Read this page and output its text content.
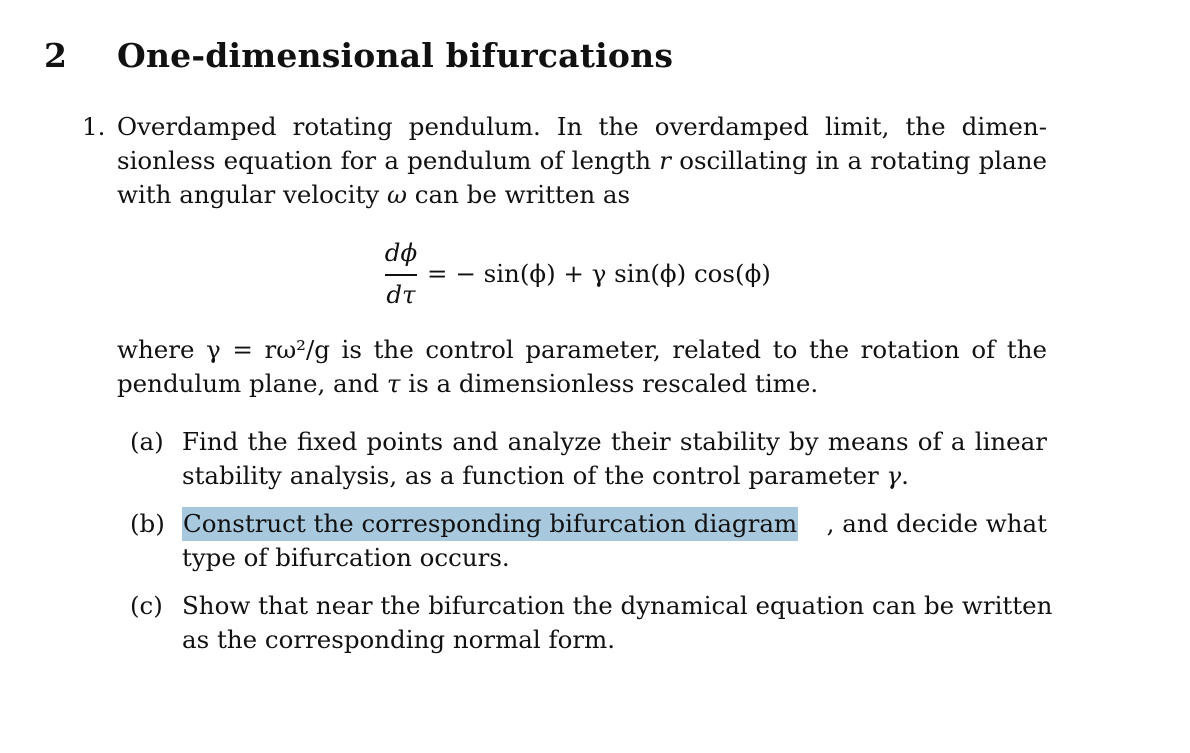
2 One-dimensional bifurcations
1. Overdamped rotating pendulum. In the overdamped limit, the dimen-
sionless equation for a pendulum of length r oscillating in a rotating plane
with angular velocity ω can be written as
dϕ
dτ
= − sin(ϕ) + γ sin(ϕ) cos(ϕ)
where γ = rω²/g is the control parameter, related to the rotation of the
pendulum plane, and τ is a dimensionless rescaled time.
(a) Find the fixed points and analyze their stability by means of a linear
stability analysis, as a function of the control parameter γ.
(b) Construct the corresponding bifurcation diagram , and decide what
type of bifurcation occurs.
(c) Show that near the bifurcation the dynamical equation can be written
as the corresponding normal form.
